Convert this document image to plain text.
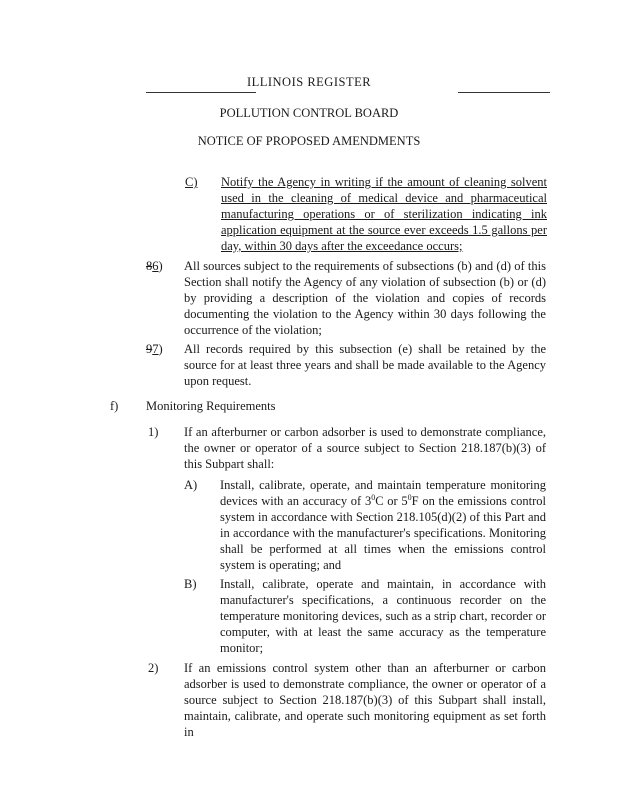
ILLINOIS REGISTER
POLLUTION CONTROL BOARD
NOTICE OF PROPOSED AMENDMENTS
C) Notify the Agency in writing if the amount of cleaning solvent used in the cleaning of medical device and pharmaceutical manufacturing operations or of sterilization indicating ink application equipment at the source ever exceeds 1.5 gallons per day, within 30 days after the exceedance occurs;
86) All sources subject to the requirements of subsections (b) and (d) of this Section shall notify the Agency of any violation of subsection (b) or (d) by providing a description of the violation and copies of records documenting the violation to the Agency within 30 days following the occurrence of the violation;
97) All records required by this subsection (e) shall be retained by the source for at least three years and shall be made available to the Agency upon request.
f) Monitoring Requirements
1) If an afterburner or carbon adsorber is used to demonstrate compliance, the owner or operator of a source subject to Section 218.187(b)(3) of this Subpart shall:
A) Install, calibrate, operate, and maintain temperature monitoring devices with an accuracy of $3^0C$ or $5^0F$ on the emissions control system in accordance with Section 218.105(d)(2) of this Part and in accordance with the manufacturer's specifications. Monitoring shall be performed at all times when the emissions control system is operating; and
B) Install, calibrate, operate and maintain, in accordance with manufacturer's specifications, a continuous recorder on the temperature monitoring devices, such as a strip chart, recorder or computer, with at least the same accuracy as the temperature monitor;
2) If an emissions control system other than an afterburner or carbon adsorber is used to demonstrate compliance, the owner or operator of a source subject to Section 218.187(b)(3) of this Subpart shall install, maintain, calibrate, and operate such monitoring equipment as set forth in
